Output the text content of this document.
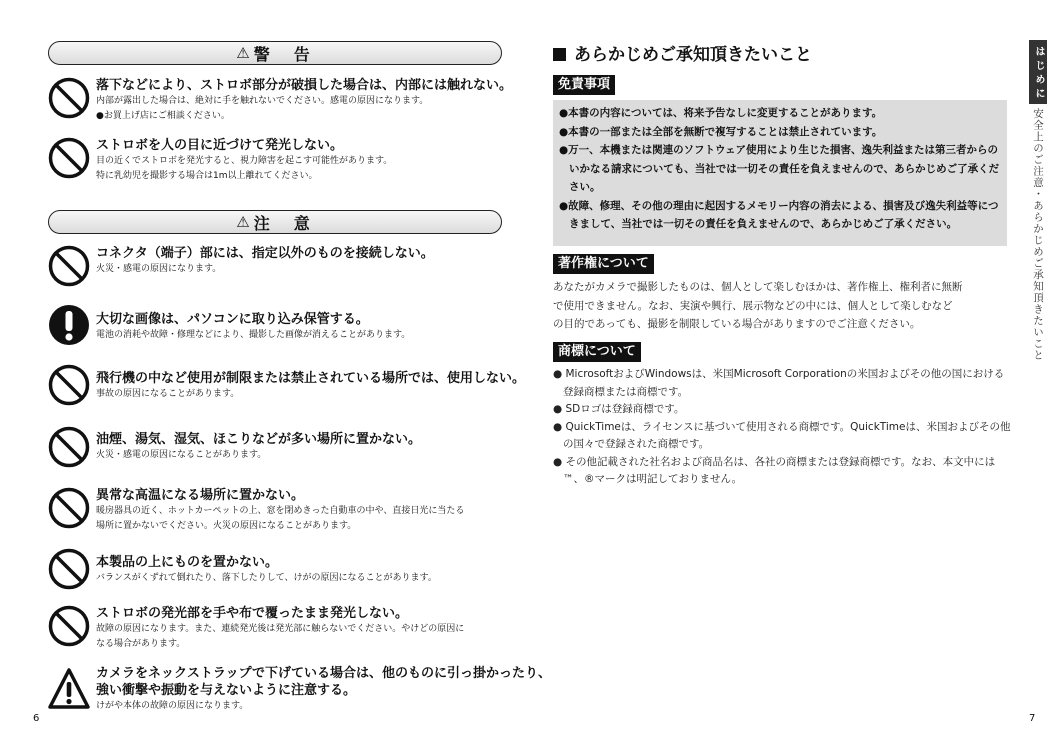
⚠ 警　告
落下などにより、ストロボ部分が破損した場合は、内部には触れない。
内部が露出した場合は、絶対に手を触れないでください。感電の原因になります。
●お買上げ店にご相談ください。
ストロボを人の目に近づけて発光しない。
目の近くでストロボを発光すると、視力障害を起こす可能性があります。
特に乳幼児を撮影する場合は1m以上離れてください。
⚠ 注　意
コネクタ（端子）部には、指定以外のものを接続しない。
火災・感電の原因になります。
大切な画像は、パソコンに取り込み保管する。
電池の消耗や故障・修理などにより、撮影した画像が消えることがあります。
飛行機の中など使用が制限または禁止されている場所では、使用しない。
事故の原因になることがあります。
油煙、湯気、湿気、ほこりなどが多い場所に置かない。
火災・感電の原因になることがあります。
異常な高温になる場所に置かない。
暖房器具の近く、ホットカーペットの上、窓を閉めきった自動車の中や、直接日光に当たる
場所に置かないでください。火災の原因になることがあります。
本製品の上にものを置かない。
バランスがくずれて倒れたり、落下したりして、けがの原因になることがあります。
ストロボの発光部を手や布で覆ったまま発光しない。
故障の原因になります。また、連続発光後は発光部に触らないでください。やけどの原因に
なる場合があります。
カメラをネックストラップで下げている場合は、他のものに引っ掛かったり、
強い衝撃や振動を与えないように注意する。
けがや本体の故障の原因になります。
6
あらかじめご承知頂きたいこと
免責事項
●本書の内容については、将来予告なしに変更することがあります。
●本書の一部または全部を無断で複写することは禁止されています。
●万一、本機または関連のソフトウェア使用により生じた損害、逸失利益または第三者からのいかなる請求についても、当社では一切その責任を負えませんので、あらかじめご了承ください。
●故障、修理、その他の理由に起因するメモリー内容の消去による、損害及び逸失利益等につきまして、当社では一切その責任を負えませんので、あらかじめご了承ください。
著作権について
あなたがカメラで撮影したものは、個人として楽しむほかは、著作権上、権利者に無断
で使用できません。なお、実演や興行、展示物などの中には、個人として楽しむなど
の目的であっても、撮影を制限している場合がありますのでご注意ください。
商標について
● MicrosoftおよびWindowsは、米国Microsoft Corporationの米国およびその他の国における登録商標または商標です。
● SDロゴは登録商標です。
● QuickTimeは、ライセンスに基づいて使用される商標です。QuickTimeは、米国およびその他の国々で登録された商標です。
● その他記載された社名および商品名は、各社の商標または登録商標です。なお、本文中には™、®マークは明記しておりません。
7
はじめに
安全上のご注意・あらかじめご承知頂きたいこと
